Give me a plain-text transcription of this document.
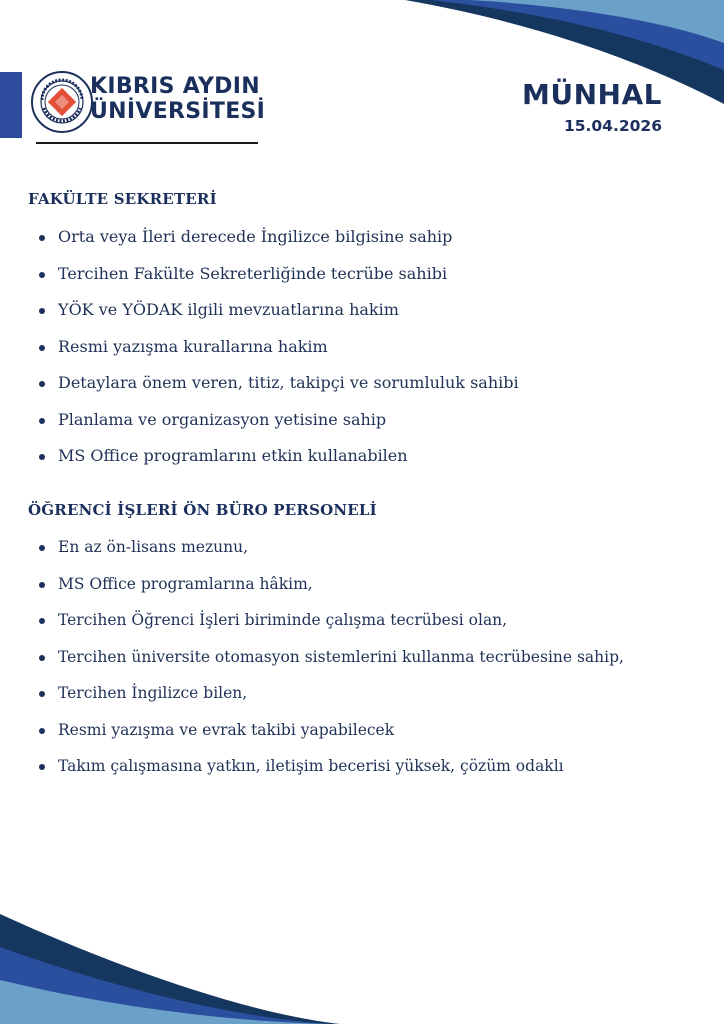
KIBRIS AYDIN
ÜNİVERSİTESİ
MÜNHAL
15.04.2026
FAKÜLTE SEKRETERİ
Orta veya İleri derecede İngilizce bilgisine sahip
Tercihen Fakülte Sekreterliğinde tecrübe sahibi
YÖK ve YÖDAK ilgili mevzuatlarına hakim
Resmi yazışma kurallarına hakim
Detaylara önem veren, titiz, takipçi ve sorumluluk sahibi
Planlama ve organizasyon yetisine sahip
MS Office programlarını etkin kullanabilen
ÖĞRENCİ İŞLERİ ÖN BÜRO PERSONELİ
En az ön-lisans mezunu,
MS Office programlarına hâkim,
Tercihen Öğrenci İşleri biriminde çalışma tecrübesi olan,
Tercihen üniversite otomasyon sistemlerini kullanma tecrübesine sahip,
Tercihen İngilizce bilen,
Resmi yazışma ve evrak takibi yapabilecek
Takım çalışmasına yatkın, iletişim becerisi yüksek, çözüm odaklı
